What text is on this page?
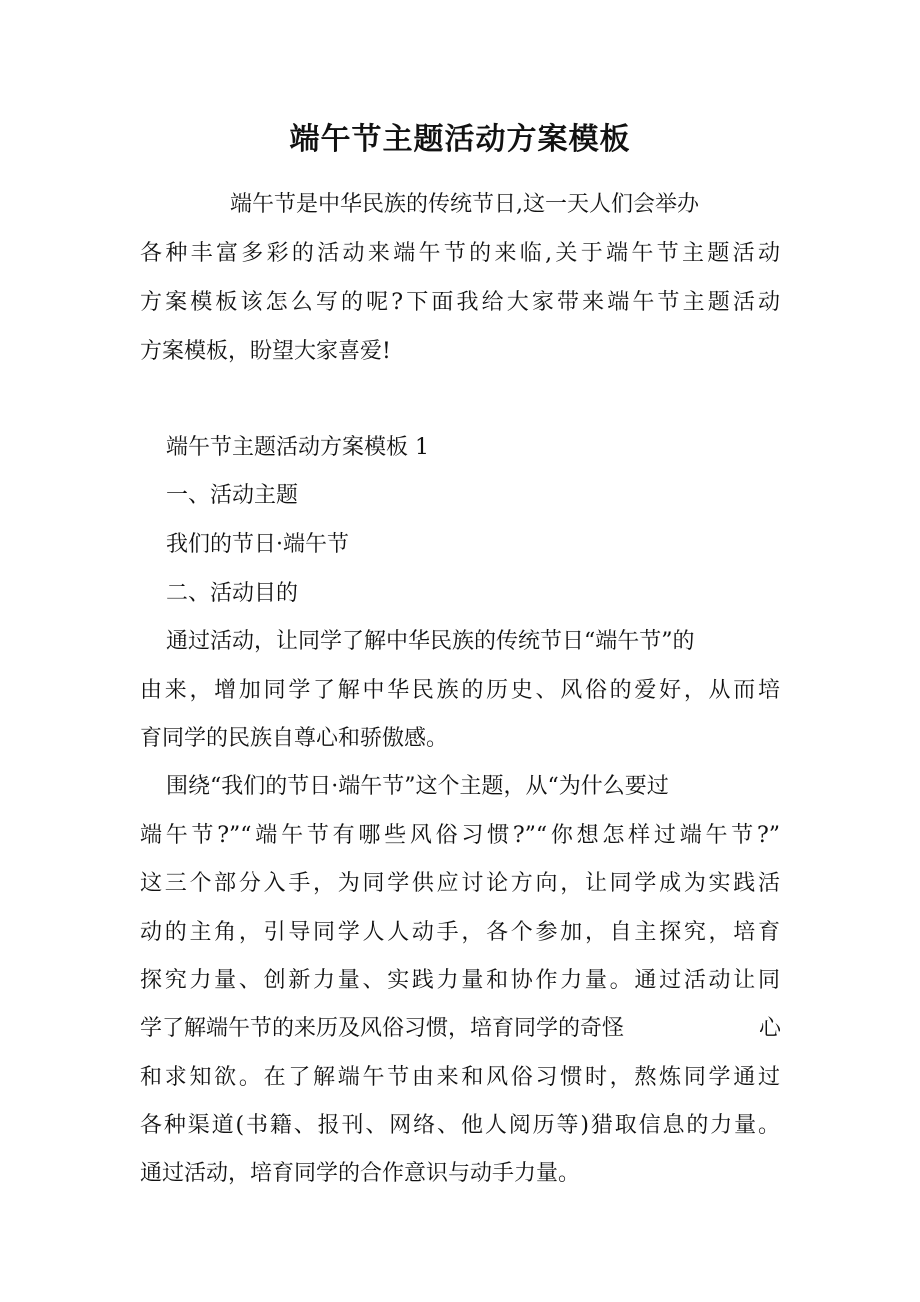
端午节主题活动方案模板

端午节是中华民族的传统节日,这一天人们会举办

各种丰富多彩的活动来端午节的来临,关于端午节主题活动

方案模板该怎么写的呢?下面我给大家带来端午节主题活动

方案模板，盼望大家喜爱!

端午节主题活动方案模板 1

一、活动主题

我们的节日·端午节

二、活动目的

通过活动，让同学了解中华民族的传统节日“端午节”的

由来，增加同学了解中华民族的历史、风俗的爱好，从而培

育同学的民族自尊心和骄傲感。

围绕“我们的节日·端午节”这个主题，从“为什么要过

端午节?”“端午节有哪些风俗习惯?”“你想怎样过端午节?”

这三个部分入手，为同学供应讨论方向，让同学成为实践活

动的主角，引导同学人人动手，各个参加，自主探究，培育

探究力量、创新力量、实践力量和协作力量。通过活动让同

学了解端午节的来历及风俗习惯，培育同学的奇怪	心

和求知欲。在了解端午节由来和风俗习惯时，熬炼同学通过

各种渠道(书籍、报刊、网络、他人阅历等)猎取信息的力量。

通过活动，培育同学的合作意识与动手力量。
